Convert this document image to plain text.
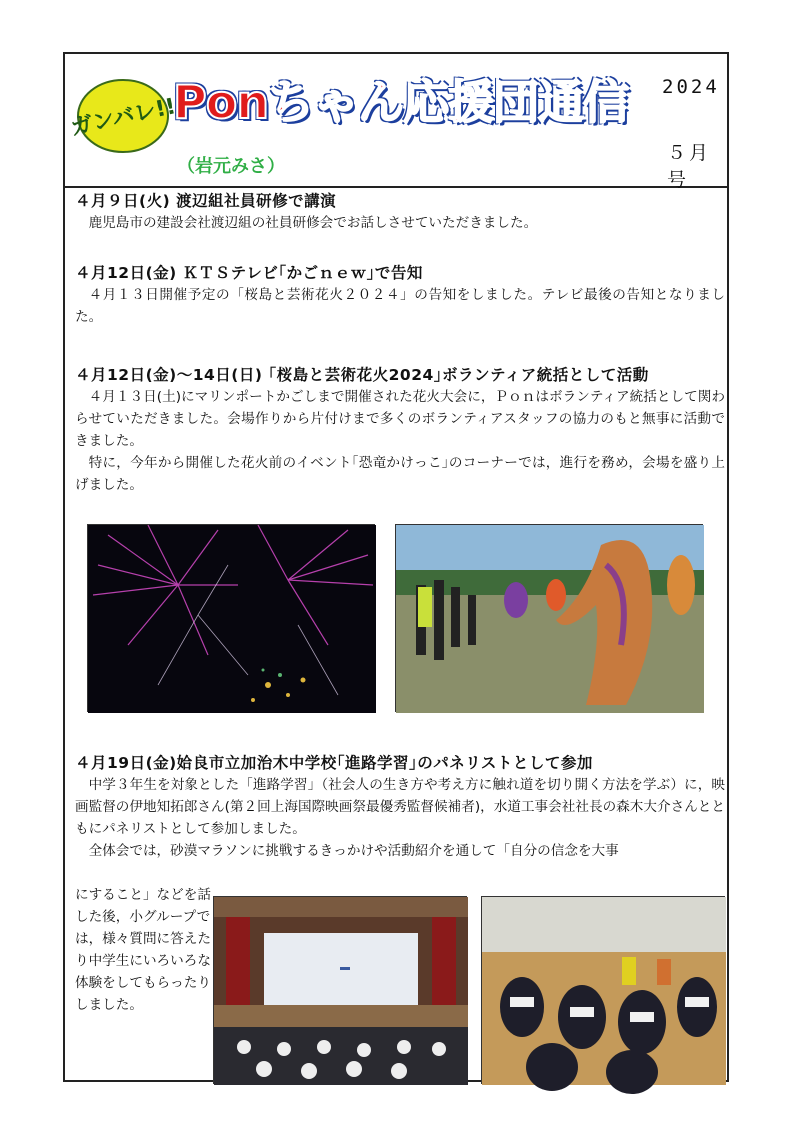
ガンバレ!!
Ponちゃん応援団通信
（岩元みさ）
2024
５月号
４月９日(火) 渡辺組社員研修で講演

鹿児島市の建設会社渡辺組の社員研修会でお話しさせていただきました。

４月12日(金) ＫＴＳテレビ｢かごｎｅｗ｣で告知

４月１３日開催予定の「桜島と芸術花火２０２４」の告知をしました。テレビ最後の告知となりました。

４月12日(金)～14日(日) ｢桜島と芸術花火2024｣ボランティア統括として活動

４月１３日(土)にマリンポートかごしまで開催された花火大会に，Ｐｏｎはボランティア統括として関わらせていただきました。会場作りから片付けまで多くのボランティアスタッフの協力のもと無事に活動できました。

特に，今年から開催した花火前のイベント｢恐竜かけっこ｣のコーナーでは，進行を務め，会場を盛り上げました。

４月19日(金)姶良市立加治木中学校｢進路学習｣のパネリストとして参加

中学３年生を対象とした「進路学習」（社会人の生き方や考え方に触れ道を切り開く方法を学ぶ）に，映画監督の伊地知拓郎さん(第２回上海国際映画祭最優秀監督候補者)，水道工事会社社長の森木大介さんとともにパネリストとして参加しました。

全体会では，砂漠マラソンに挑戦するきっかけや活動紹介を通して「自分の信念を大事

にすること」などを話した後，小グループでは，様々質問に答えたり中学生にいろいろな体験をしてもらったりしました。
